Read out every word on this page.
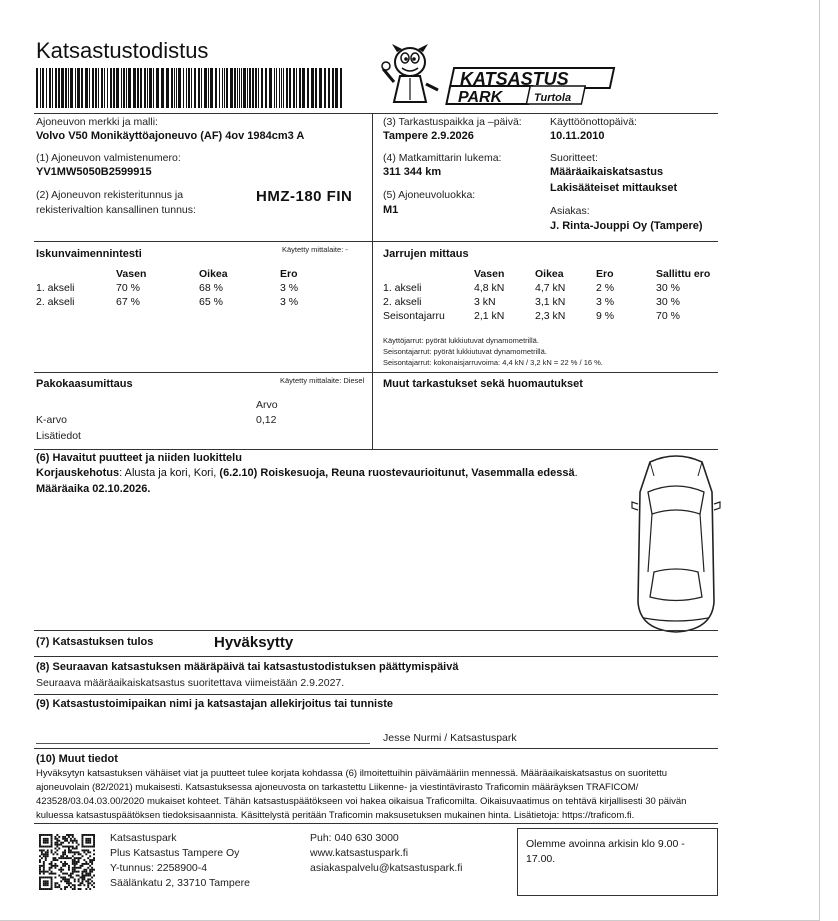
Katsastustodistus
KATSASTUS
PARK	Turtola
Ajoneuvon merkki ja malli:
Volvo V50 Monikäyttöajoneuvo (AF) 4ov 1984cm3 A
(1) Ajoneuvon valmistenumero:
YV1MW5050B2599915
(2) Ajoneuvon rekisteritunnus ja
rekisterivaltion kansallinen tunnus:
HMZ-180 FIN
(3) Tarkastuspaikka ja –päivä:
Tampere 2.9.2026
(4) Matkamittarin lukema:
311 344 km
(5) Ajoneuvoluokka:
M1
Käyttöönottopäivä:
10.11.2010
Suoritteet:
Määräaikaiskatsastus
Lakisääteiset mittaukset
Asiakas:
J. Rinta-Jouppi Oy (Tampere)
Iskunvaimennintesti	Käytetty mittalaite: -
	Vasen	Oikea	Ero
1. akseli	70 %	68 %	3 %
2. akseli	67 %	65 %	3 %
Jarrujen mittaus
	Vasen	Oikea	Ero	Sallittu ero
1. akseli	4,8 kN	4,7 kN	2 %	30 %
2. akseli	3 kN	3,1 kN	3 %	30 %
Seisontajarru	2,1 kN	2,3 kN	9 %	70 %
Käyttöjarrut: pyörät lukkiutuvat dynamometrillä.
Seisontajarrut: pyörät lukkiutuvat dynamometrillä.
Seisontajarrut: kokonaisjarruvoima: 4,4 kN / 3,2 kN = 22 % / 16 %.
Pakokaasumittaus	Käytetty mittalaite: Diesel
Arvo
K-arvo	0,12
Lisätiedot
Muut tarkastukset sekä huomautukset
(6) Havaitut puutteet ja niiden luokittelu
Korjauskehotus: Alusta ja kori, Kori, (6.2.10) Roiskesuoja, Reuna ruostevaurioitunut, Vasemmalla edessä.
Määräaika 02.10.2026.
(7) Katsastuksen tulos	Hyväksytty
(8) Seuraavan katsastuksen määräpäivä tai katsastustodistuksen päättymispäivä
Seuraava määräaikaiskatsastus suoritettava viimeistään 2.9.2027.
(9) Katsastustoimipaikan nimi ja katsastajan allekirjoitus tai tunniste
Jesse Nurmi / Katsastuspark
(10) Muut tiedot
Hyväksytyn katsastuksen vähäiset viat ja puutteet tulee korjata kohdassa (6) ilmoitettuihin päivämääriin mennessä. Määräaikaiskatsastus on suoritettu
ajoneuvolain (82/2021) mukaisesti. Katsastuksessa ajoneuvosta on tarkastettu Liikenne- ja viestintävirasto Traficomin määräyksen TRAFICOM/
423528/03.04.03.00/2020 mukaiset kohteet. Tähän katsastuspäätökseen voi hakea oikaisua Traficomilta. Oikaisuvaatimus on tehtävä kirjallisesti 30 päivän
kuluessa katsastuspäätöksen tiedoksisaannista. Käsittelystä peritään Traficomin maksusetuksen mukainen hinta. Lisätietoja: https://traficom.fi.
Katsastuspark
Plus Katsastus Tampere Oy
Y-tunnus: 2258900-4
Säälänkatu 2, 33710 Tampere
Puh: 040 630 3000
www.katsastuspark.fi
asiakaspalvelu@katsastuspark.fi
Olemme avoinna arkisin klo 9.00 - 17.00.
